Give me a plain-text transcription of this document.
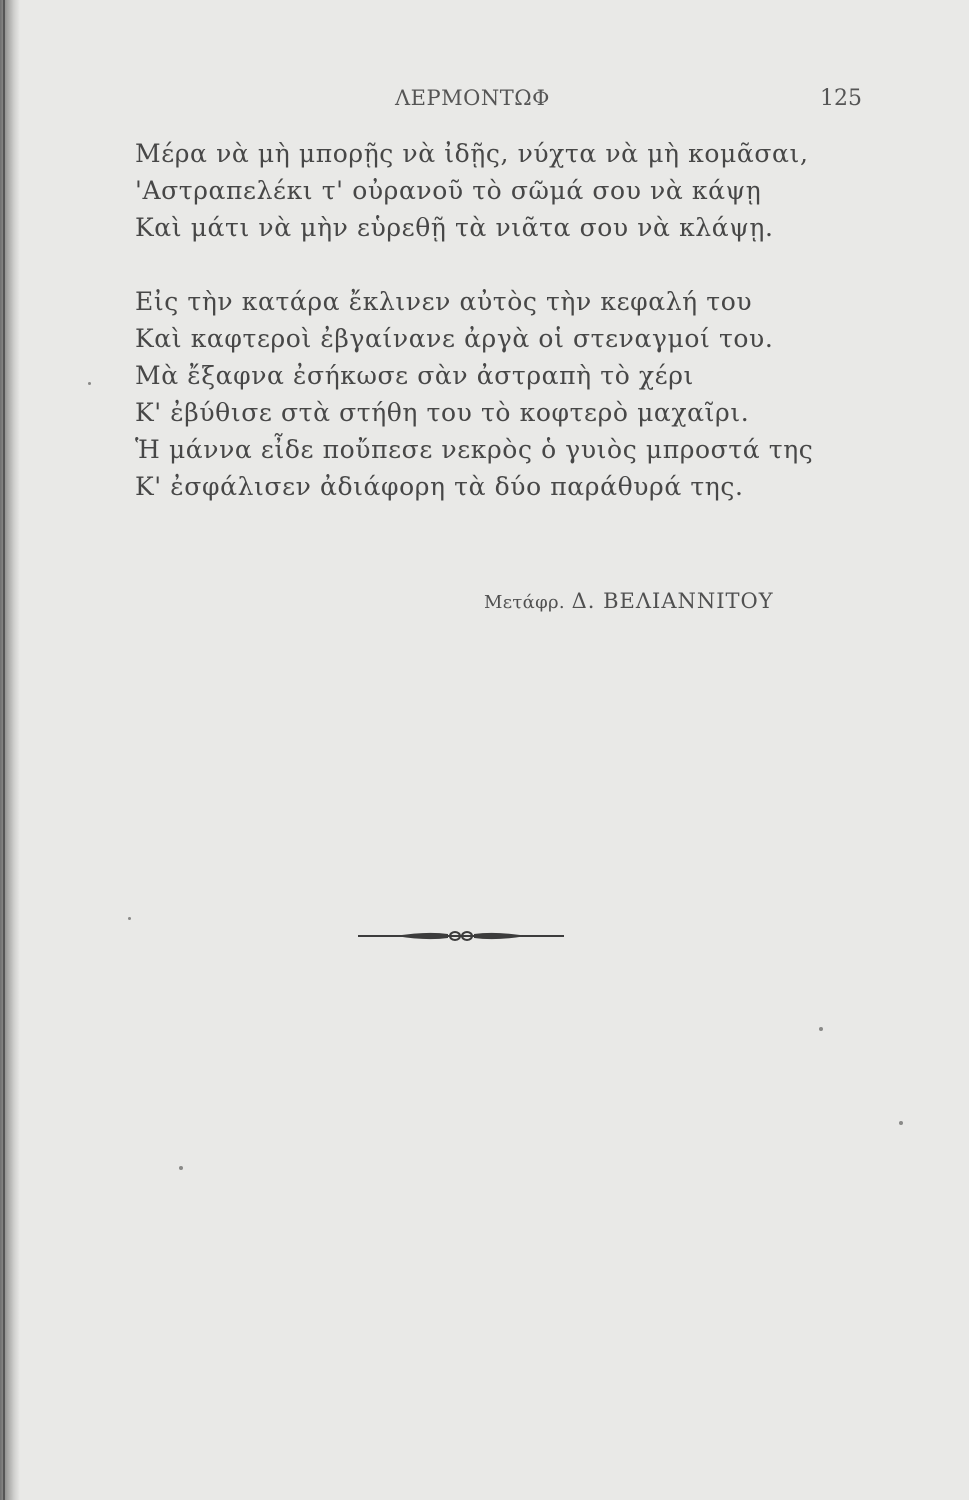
ΛΕΡΜΟΝΤΩΦ	125
Μέρα νὰ μὴ μπορῇς νὰ ἰδῇς, νύχτα νὰ μὴ κομᾶσαι,
'Αστραπελέκι τ' οὐρανοῦ τὸ σῶμά σου νὰ κάψῃ
Καὶ μάτι νὰ μὴν εὑρεθῇ τὰ νιᾶτα σου νὰ κλάψῃ.
Εἰς τὴν κατάρα ἔκλινεν αὐτὸς τὴν κεφαλή του
Καὶ καφτεροὶ ἐβγαίνανε ἀργὰ οἱ στεναγμοί του.
Μὰ ἔξαφνα ἐσήκωσε σὰν ἀστραπὴ τὸ χέρι
Κ' ἐβύθισε στὰ στήθη του τὸ κοφτερὸ μαχαῖρι.
Ἡ μάννα εἶδε ποὔπεσε νεκρὸς ὁ γυιὸς μπροστά της
Κ' ἐσφάλισεν ἀδιάφορη τὰ δύο παράθυρά της.
Μετάφρ. Δ. ΒΕΛΙΑΝΝΙΤΟΥ
